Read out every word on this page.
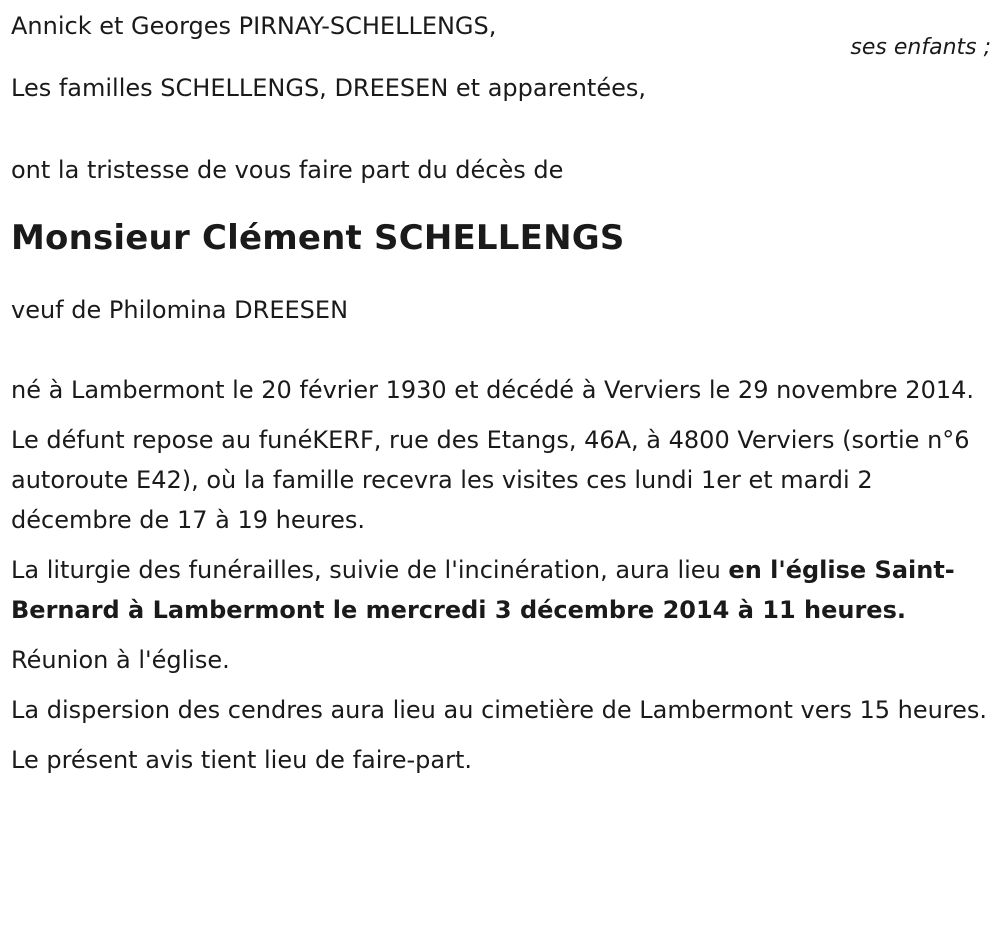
Annick et Georges PIRNAY-SCHELLENGS,

ses enfants ;

Les familles SCHELLENGS, DREESEN et apparentées,

ont la tristesse de vous faire part du décès de

Monsieur Clément SCHELLENGS

veuf de Philomina DREESEN

né à Lambermont le 20 février 1930 et décédé à Verviers le 29 novembre 2014.

Le défunt repose au funéKERF, rue des Etangs, 46A, à 4800 Verviers (sortie n°6 autoroute E42), où la famille recevra les visites ces lundi 1er et mardi 2 décembre de 17 à 19 heures.

La liturgie des funérailles, suivie de l'incinération, aura lieu en l'église Saint-Bernard à Lambermont le mercredi 3 décembre 2014 à 11 heures.

Réunion à l'église.

La dispersion des cendres aura lieu au cimetière de Lambermont vers 15 heures.

Le présent avis tient lieu de faire-part.
